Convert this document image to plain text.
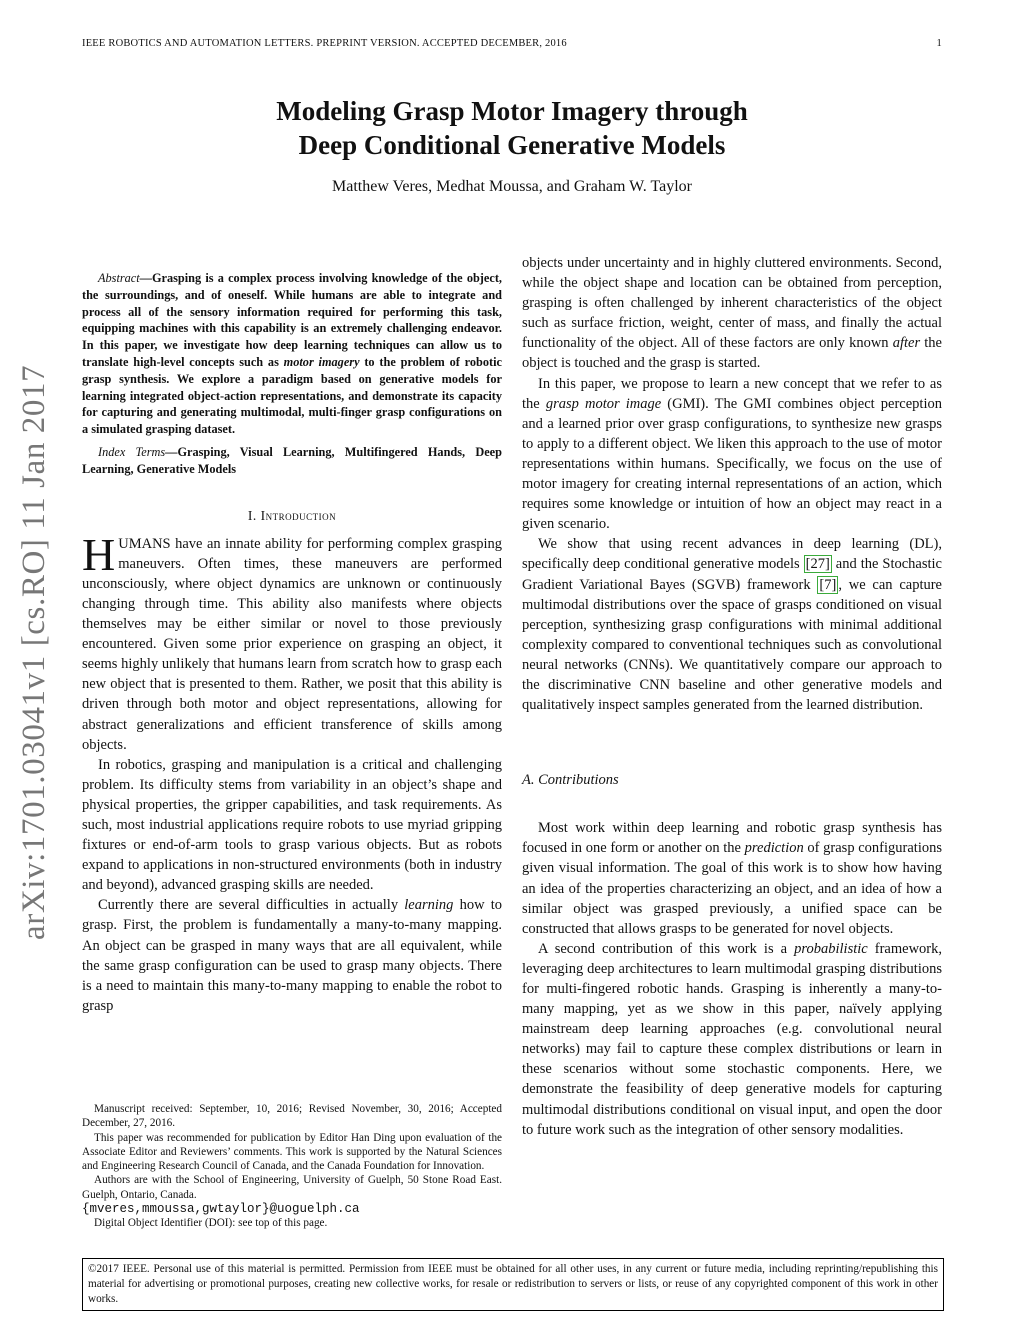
IEEE ROBOTICS AND AUTOMATION LETTERS. PREPRINT VERSION. ACCEPTED DECEMBER, 2016	1
Modeling Grasp Motor Imagery through
Deep Conditional Generative Models
Matthew Veres, Medhat Moussa, and Graham W. Taylor
arXiv:1701.03041v1 [cs.RO] 11 Jan 2017

Abstract—Grasping is a complex process involving knowledge of the object, the surroundings, and of oneself. While humans are able to integrate and process all of the sensory information required for performing this task, equipping machines with this capability is an extremely challenging endeavor. In this paper, we investigate how deep learning techniques can allow us to translate high-level concepts such as motor imagery to the problem of robotic grasp synthesis. We explore a paradigm based on generative models for learning integrated object-action representations, and demonstrate its capacity for capturing and generating multimodal, multi-finger grasp configurations on a simulated grasping dataset.

Index Terms—Grasping, Visual Learning, Multifingered Hands, Deep Learning, Generative Models

I. Introduction

HUMANS have an innate ability for performing complex grasping maneuvers. Often times, these maneuvers are performed unconsciously, where object dynamics are unknown or continuously changing through time. This ability also manifests where objects themselves may be either similar or novel to those previously encountered. Given some prior experience on grasping an object, it seems highly unlikely that humans learn from scratch how to grasp each new object that is presented to them. Rather, we posit that this ability is driven through both motor and object representations, allowing for abstract generalizations and efficient transference of skills among objects.

In robotics, grasping and manipulation is a critical and challenging problem. Its difficulty stems from variability in an object’s shape and physical properties, the gripper capabilities, and task requirements. As such, most industrial applications require robots to use myriad gripping fixtures or end-of-arm tools to grasp various objects. But as robots expand to applications in non-structured environments (both in industry and beyond), advanced grasping skills are needed.

Currently there are several difficulties in actually learning how to grasp. First, the problem is fundamentally a many-to-many mapping. An object can be grasped in many ways that are all equivalent, while the same grasp configuration can be used to grasp many objects. There is a need to maintain this many-to-many mapping to enable the robot to grasp

Manuscript received: September, 10, 2016; Revised November, 30, 2016; Accepted December, 27, 2016.

This paper was recommended for publication by Editor Han Ding upon evaluation of the Associate Editor and Reviewers’ comments. This work is supported by the Natural Sciences and Engineering Research Council of Canada, and the Canada Foundation for Innovation.

Authors are with the School of Engineering, University of Guelph, 50 Stone Road East. Guelph, Ontario, Canada.

{mveres,mmoussa,gwtaylor}@uoguelph.ca

Digital Object Identifier (DOI): see top of this page.

objects under uncertainty and in highly cluttered environments. Second, while the object shape and location can be obtained from perception, grasping is often challenged by inherent characteristics of the object such as surface friction, weight, center of mass, and finally the actual functionality of the object. All of these factors are only known after the object is touched and the grasp is started.

In this paper, we propose to learn a new concept that we refer to as the grasp motor image (GMI). The GMI combines object perception and a learned prior over grasp configurations, to synthesize new grasps to apply to a different object. We liken this approach to the use of motor representations within humans. Specifically, we focus on the use of motor imagery for creating internal representations of an action, which requires some knowledge or intuition of how an object may react in a given scenario.

We show that using recent advances in deep learning (DL), specifically deep conditional generative models [27] and the Stochastic Gradient Variational Bayes (SGVB) framework [7] , we can capture multimodal distributions over the space of grasps conditioned on visual perception, synthesizing grasp configurations with minimal additional complexity compared to conventional techniques such as convolutional neural networks (CNNs). We quantitatively compare our approach to the discriminative CNN baseline and other generative models and qualitatively inspect samples generated from the learned distribution.

A. Contributions

Most work within deep learning and robotic grasp synthesis has focused in one form or another on the prediction of grasp configurations given visual information. The goal of this work is to show how having an idea of the properties characterizing an object, and an idea of how a similar object was grasped previously, a unified space can be constructed that allows grasps to be generated for novel objects.

A second contribution of this work is a probabilistic framework, leveraging deep architectures to learn multimodal grasping distributions for multi-fingered robotic hands. Grasping is inherently a many-to-many mapping, yet as we show in this paper, naïvely applying mainstream deep learning approaches (e.g. convolutional neural networks) may fail to capture these complex distributions or learn in these scenarios without some stochastic components. Here, we demonstrate the feasibility of deep generative models for capturing multimodal distributions conditional on visual input, and open the door to future work such as the integration of other sensory modalities.

©2017 IEEE. Personal use of this material is permitted. Permission from IEEE must be obtained for all other uses, in any current or future media, including reprinting/republishing this material for advertising or promotional purposes, creating new collective works, for resale or redistribution to servers or lists, or reuse of any copyrighted component of this work in other works.
